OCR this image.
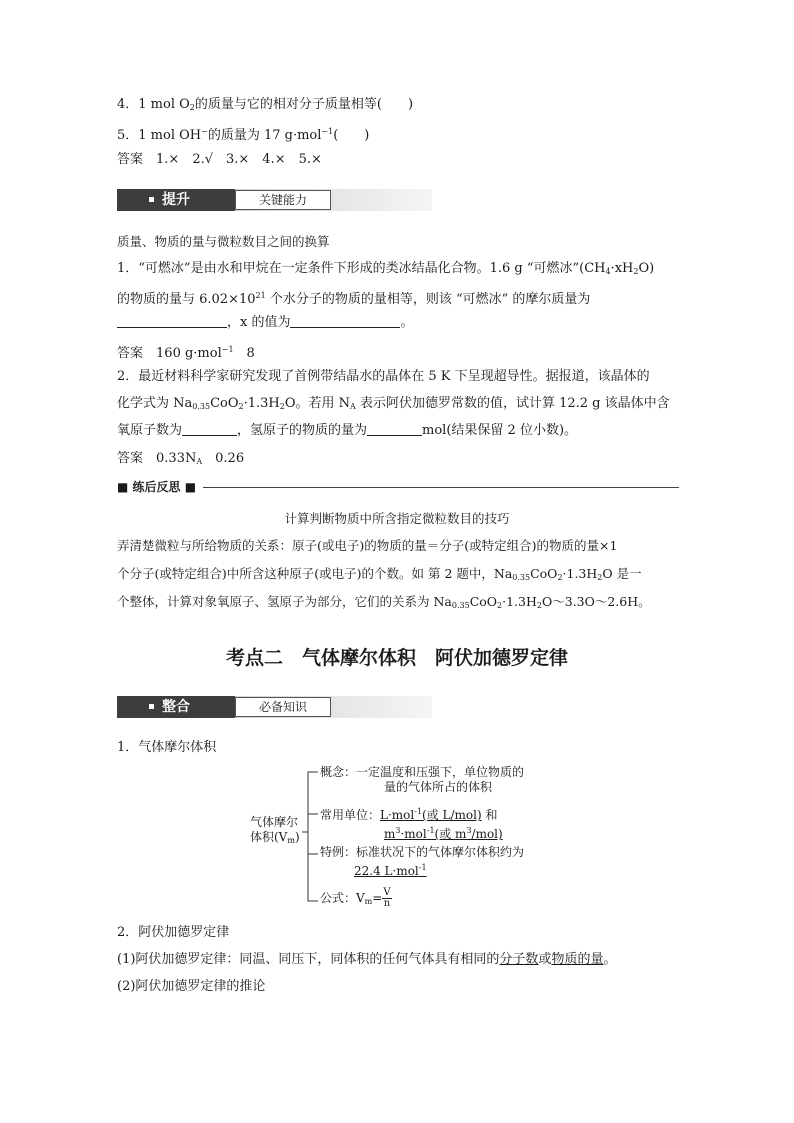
4．1 mol $O_2$的质量与它的相对分子质量相等(　　)
5．1 mol OH−的质量为 17 g·mol$^{-1}$(　　)
答案　 1.×　2.√　3.×　4.×　5.×
提升	关键能力
质量、物质的量与微粒数目之间的换算
1．“可燃冰”是由水和甲烷在一定条件下形成的类冰结晶化合物。1.6 g “可燃冰$”(CH_4\cdot xH_2O)$
的物质的量与 $6.02\times 10^{21}$ 个水分子的物质的量相等，则该 “可燃冰” 的摩尔质量为
，x 的值为	。
答案　 160 g·mol$^{-1}$　8
2．最近材料科学家研究发现了首例带结晶水的晶体在 5 K 下呈现超导性。据报道，该晶体的
化学式为 $Na_{0.35}CoO_2\cdot 1.3H_2O$。若用 $N_A$ 表示阿伏加德罗常数的值，试计算 12.2 g 该晶体中含
氧原子数为	，氢原子的物质的量为	mol(结果保留 2 位小数)。
答案　 $0.33N_A$　0.26
■ 练后反思 ■
计算判断物质中所含指定微粒数目的技巧
弄清楚微粒与所给物质的关系：原子(或电子)的物质的量＝分子(或特定组合)的物质的量×1
个分子(或特定组合)中所含这种原子(或电子)的个数。如 第 2 题中，$Na_{0.35}CoO_2\cdot 1.3H_2O$ 是一
个整体，计算对象氧原子、氢原子为部分，它们的关系为 $Na_{0.35}CoO_2\cdot 1.3H_2O\sim 3.3O\sim 2.6H$。
考点二　气体摩尔体积　阿伏加德罗定律
整合	必备知识
1．气体摩尔体积
气体摩尔
体积$(V_m)$
概念：一定温度和压强下，单位物质的
量的气体所占的体积
常用单位：L·mol$^{-1}$(或 L/mol) 和
$m^3\cdot mol^{-1}$(或 $m^3/mol$)
特例：标准状况下的气体摩尔体积约为
22.4 L·mol$^{-1}$
公式：$V_m= \frac{V}{n}$
2．阿伏加德罗定律
(1)阿伏加德罗定律：同温、同压下，同体积的任何气体具有相同的分子数或物质的量。
(2)阿伏加德罗定律的推论
